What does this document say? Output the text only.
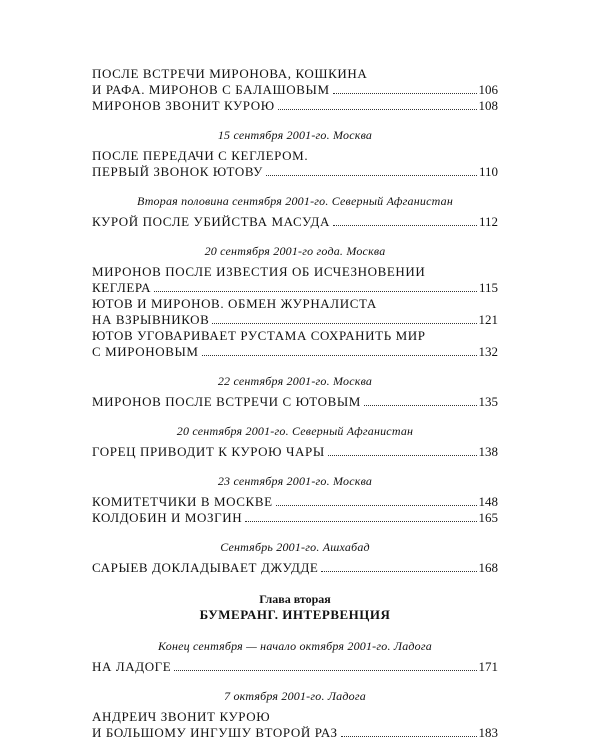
ПОСЛЕ ВСТРЕЧИ МИРОНОВА, КОШКИНА
И РАФА. МИРОНОВ С БАЛАШОВЫМ	106
МИРОНОВ ЗВОНИТ КУРОЮ	108
15 сентября 2001-го. Москва
ПОСЛЕ ПЕРЕДАЧИ С КЕГЛЕРОМ.
ПЕРВЫЙ ЗВОНОК ЮТОВУ	110
Вторая половина сентября 2001-го. Северный Афганистан
КУРОЙ ПОСЛЕ УБИЙСТВА МАСУДА	112
20 сентября 2001-го года. Москва
МИРОНОВ ПОСЛЕ ИЗВЕСТИЯ ОБ ИСЧЕЗНОВЕНИИ
КЕГЛЕРА	115
ЮТОВ И МИРОНОВ. ОБМЕН ЖУРНАЛИСТА
НА ВЗРЫВНИКОВ	121
ЮТОВ УГОВАРИВАЕТ РУСТАМА СОХРАНИТЬ МИР
С МИРОНОВЫМ	132
22 сентября 2001-го. Москва
МИРОНОВ ПОСЛЕ ВСТРЕЧИ С ЮТОВЫМ	135
20 сентября 2001-го. Северный Афганистан
ГОРЕЦ ПРИВОДИТ К КУРОЮ ЧАРЫ	138
23 сентября 2001-го. Москва
КОМИТЕТЧИКИ В МОСКВЕ	148
КОЛДОБИН И МОЗГИН	165
Сентябрь 2001-го. Ашхабад
САРЫЕВ ДОКЛАДЫВАЕТ ДЖУДДЕ	168
Глава вторая
БУМЕРАНГ. ИНТЕРВЕНЦИЯ
Конец сентября — начало октября 2001-го. Ладога
НА ЛАДОГЕ	171
7 октября 2001-го. Ладога
АНДРЕИЧ ЗВОНИТ КУРОЮ
И БОЛЬШОМУ ИНГУШУ ВТОРОЙ РАЗ	183
